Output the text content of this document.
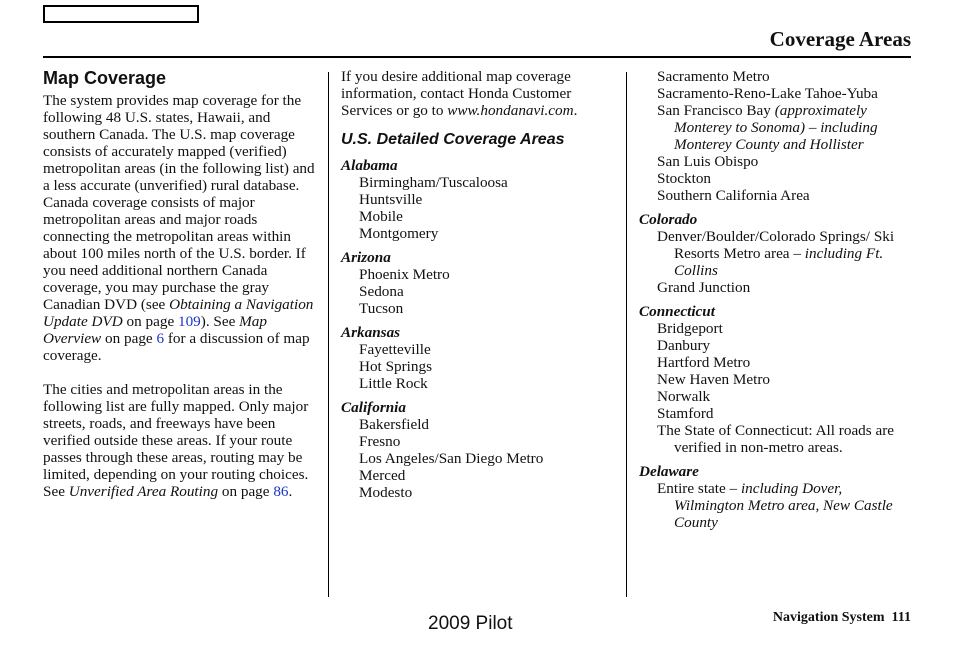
Coverage Areas
Map Coverage

The system provides map coverage for the following 48 U.S. states, Hawaii, and southern Canada. The U.S. map coverage consists of accurately mapped (verified) metropolitan areas (in the following list) and a less accurate (unverified) rural database. Canada coverage consists of major metropolitan areas and major roads connecting the metropolitan areas within about 100 miles north of the U.S. border. If you need additional northern Canada coverage, you may purchase the gray Canadian DVD (see Obtaining a Navigation Update DVD on page 109). See Map Overview on page 6 for a discussion of map coverage.

The cities and metropolitan areas in the following list are fully mapped. Only major streets, roads, and freeways have been verified outside these areas. If your route passes through these areas, routing may be limited, depending on your routing choices. See Unverified Area Routing on page 86.

If you desire additional map coverage information, contact Honda Customer Services or go to www.hondanavi.com.

U.S. Detailed Coverage Areas
Alabama
Birmingham/Tuscaloosa
Huntsville
Mobile
Montgomery
Arizona
Phoenix Metro
Sedona
Tucson
Arkansas
Fayetteville
Hot Springs
Little Rock
California
Bakersfield
Fresno
Los Angeles/San Diego Metro
Merced
Modesto
Sacramento Metro
Sacramento-Reno-Lake Tahoe-Yuba
San Francisco Bay (approximately Monterey to Sonoma) – including Monterey County and Hollister
San Luis Obispo
Stockton
Southern California Area
Colorado
Denver/Boulder/Colorado Springs/ Ski Resorts Metro area – including Ft. Collins
Grand Junction
Connecticut
Bridgeport
Danbury
Hartford Metro
New Haven Metro
Norwalk
Stamford
The State of Connecticut: All roads are verified in non-metro areas.
Delaware
Entire state – including Dover, Wilmington Metro area, New Castle County
2009 Pilot	Navigation System 111
